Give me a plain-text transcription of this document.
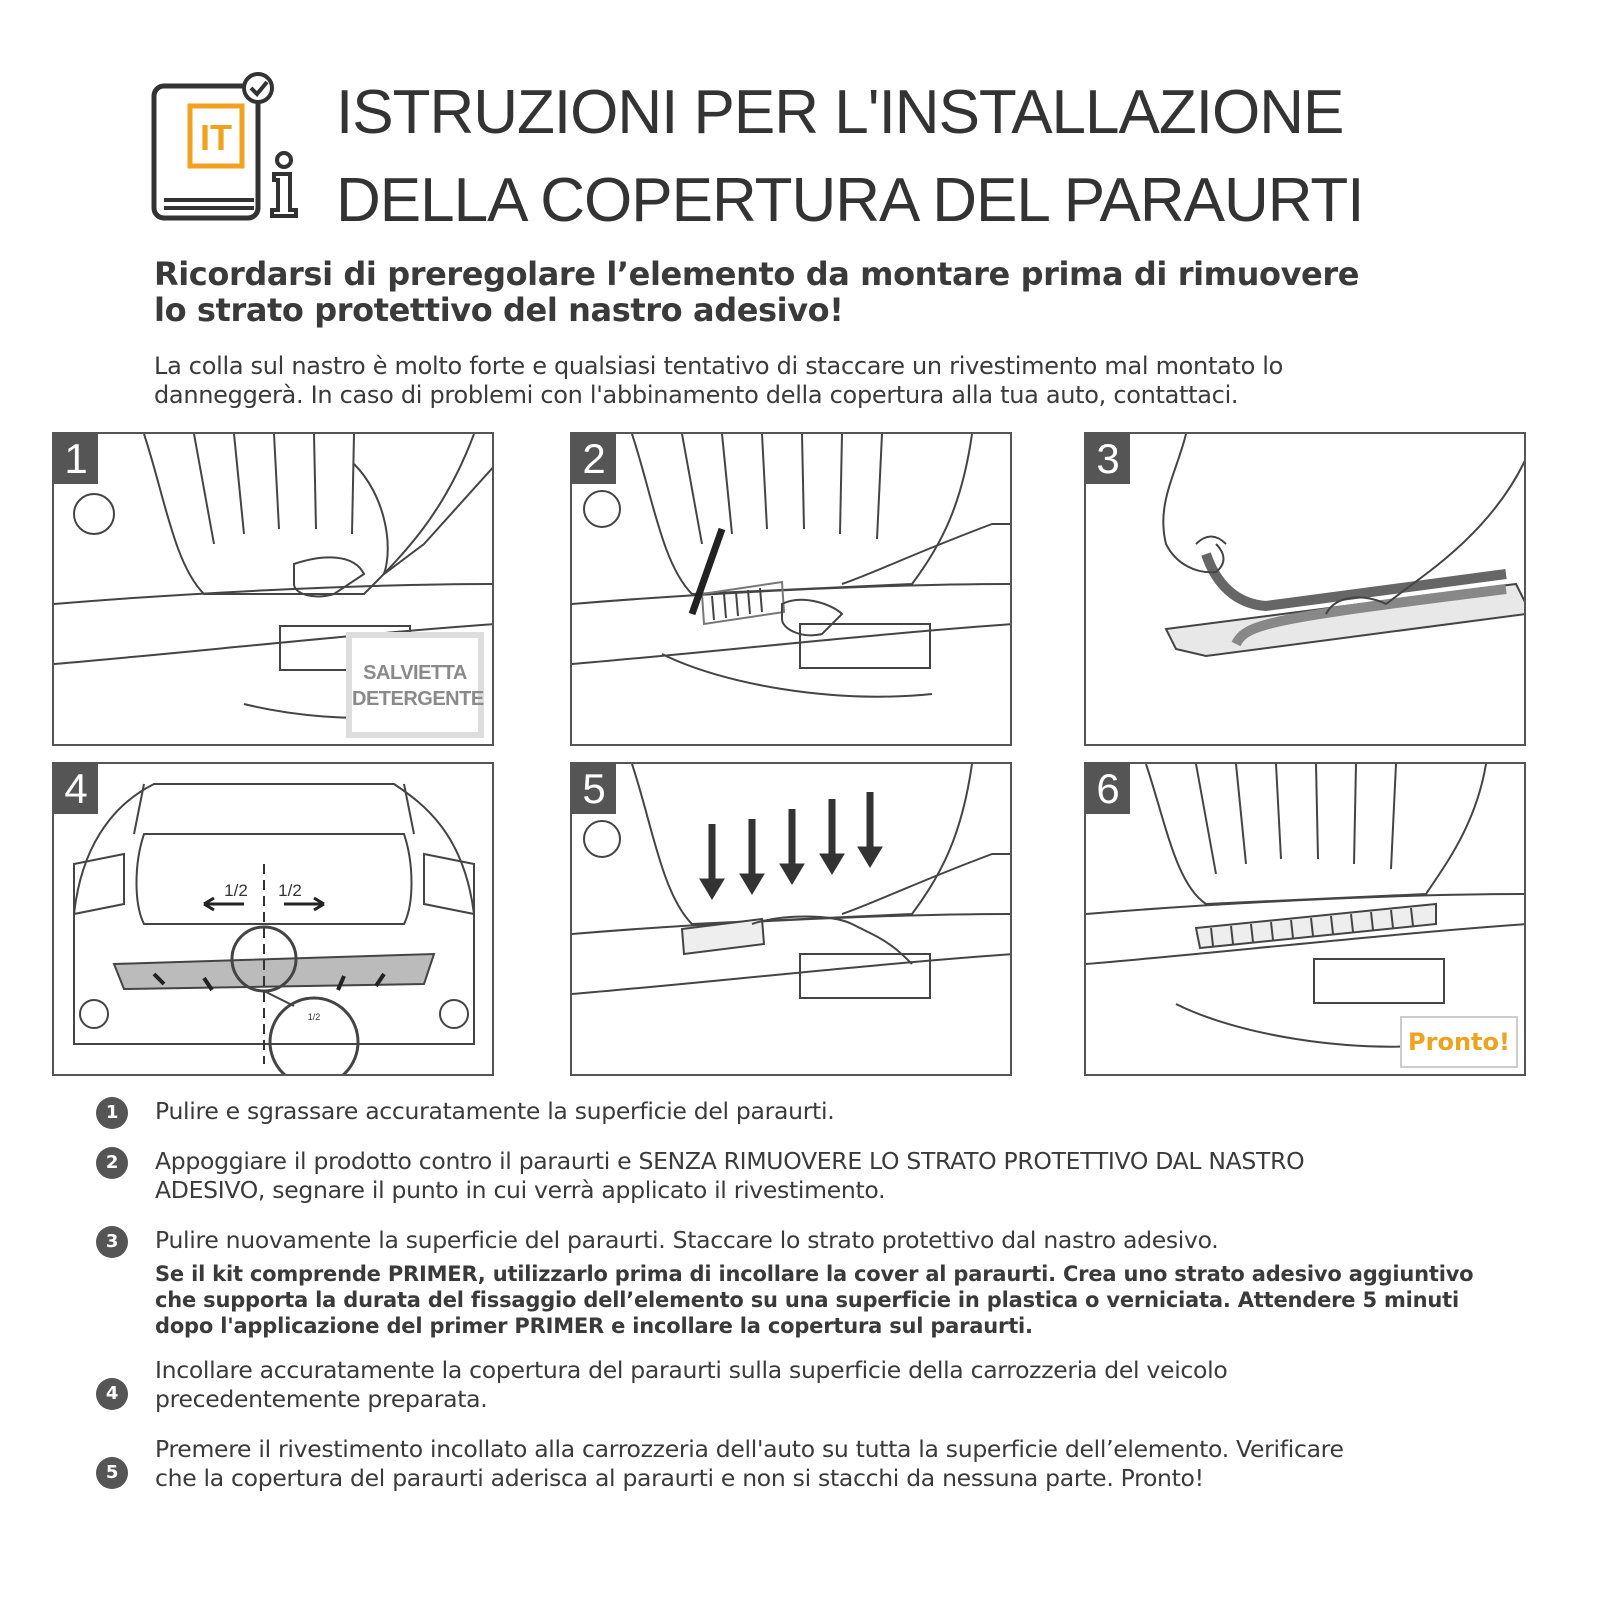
IT ISTRUZIONI PER L'INSTALLAZIONE
DELLA COPERTURA DEL PARAURTI
Ricordarsi di preregolare l’elemento da montare prima di rimuovere
lo strato protettivo del nastro adesivo!
La colla sul nastro è molto forte e qualsiasi tentativo di staccare un rivestimento mal montato lo
danneggerà. In caso di problemi con l'abbinamento della copertura alla tua auto, contattaci.
1
SALVIETTA
DETERGENTE
2	3
1/2 1/2
1/2
4	5	6
Pronto!
1	Pulire e sgrassare accuratamente la superficie del paraurti.
2	Appoggiare il prodotto contro il paraurti e SENZA RIMUOVERE LO STRATO PROTETTIVO DAL NASTRO
ADESIVO, segnare il punto in cui verrà applicato il rivestimento.
3	Pulire nuovamente la superficie del paraurti. Staccare lo strato protettivo dal nastro adesivo.
Se il kit comprende PRIMER, utilizzarlo prima di incollare la cover al paraurti. Crea uno strato adesivo aggiuntivo
che supporta la durata del fissaggio dell’elemento su una superficie in plastica o verniciata. Attendere 5 minuti
dopo l'applicazione del primer PRIMER e incollare la copertura sul paraurti.
4
Incollare accuratamente la copertura del paraurti sulla superficie della carrozzeria del veicolo
precedentemente preparata.
5
Premere il rivestimento incollato alla carrozzeria dell'auto su tutta la superficie dell’elemento. Verificare
che la copertura del paraurti aderisca al paraurti e non si stacchi da nessuna parte. Pronto!
